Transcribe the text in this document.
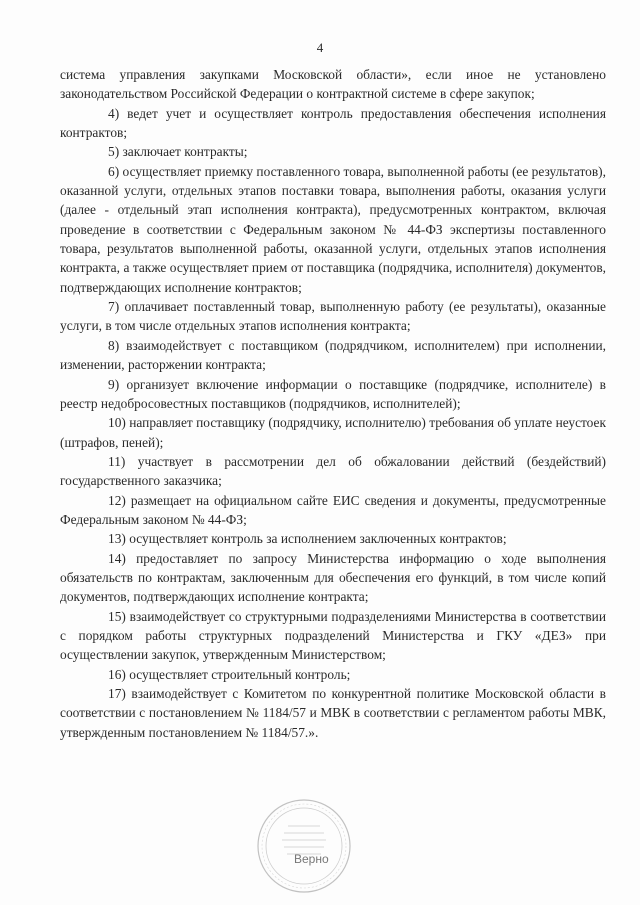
4

система управления закупками Московской области», если иное не установлено законодательством Российской Федерации о контрактной системе в сфере закупок;

4) ведет учет и осуществляет контроль предоставления обеспечения исполнения контрактов;

5) заключает контракты;

6) осуществляет приемку поставленного товара, выполненной работы (ее результатов), оказанной услуги, отдельных этапов поставки товара, выполнения работы, оказания услуги (далее - отдельный этап исполнения контракта), предусмотренных контрактом, включая проведение в соответствии с Федеральным законом № 44-ФЗ экспертизы поставленного товара, результатов выполненной работы, оказанной услуги, отдельных этапов исполнения контракта, а также осуществляет прием от поставщика (подрядчика, исполнителя) документов, подтверждающих исполнение контрактов;

7) оплачивает поставленный товар, выполненную работу (ее результаты), оказанные услуги, в том числе отдельных этапов исполнения контракта;

8) взаимодействует с поставщиком (подрядчиком, исполнителем) при исполнении, изменении, расторжении контракта;

9) организует включение информации о поставщике (подрядчике, исполнителе) в реестр недобросовестных поставщиков (подрядчиков, исполнителей);

10) направляет поставщику (подрядчику, исполнителю) требования об уплате неустоек (штрафов, пеней);

11) участвует в рассмотрении дел об обжаловании действий (бездействий) государственного заказчика;

12) размещает на официальном сайте ЕИС сведения и документы, предусмотренные Федеральным законом № 44-ФЗ;

13) осуществляет контроль за исполнением заключенных контрактов;

14) предоставляет по запросу Министерства информацию о ходе выполнения обязательств по контрактам, заключенным для обеспечения его функций, в том числе копий документов, подтверждающих исполнение контракта;

15) взаимодействует со структурными подразделениями Министерства в соответствии с порядком работы структурных подразделений Министерства и ГКУ «ДЕЗ» при осуществлении закупок, утвержденным Министерством;

16) осуществляет строительный контроль;

17) взаимодействует с Комитетом по конкурентной политике Московской области в соответствии с постановлением № 1184/57 и МВК в соответствии с регламентом работы МВК, утвержденным постановлением № 1184/57.».

Верно
